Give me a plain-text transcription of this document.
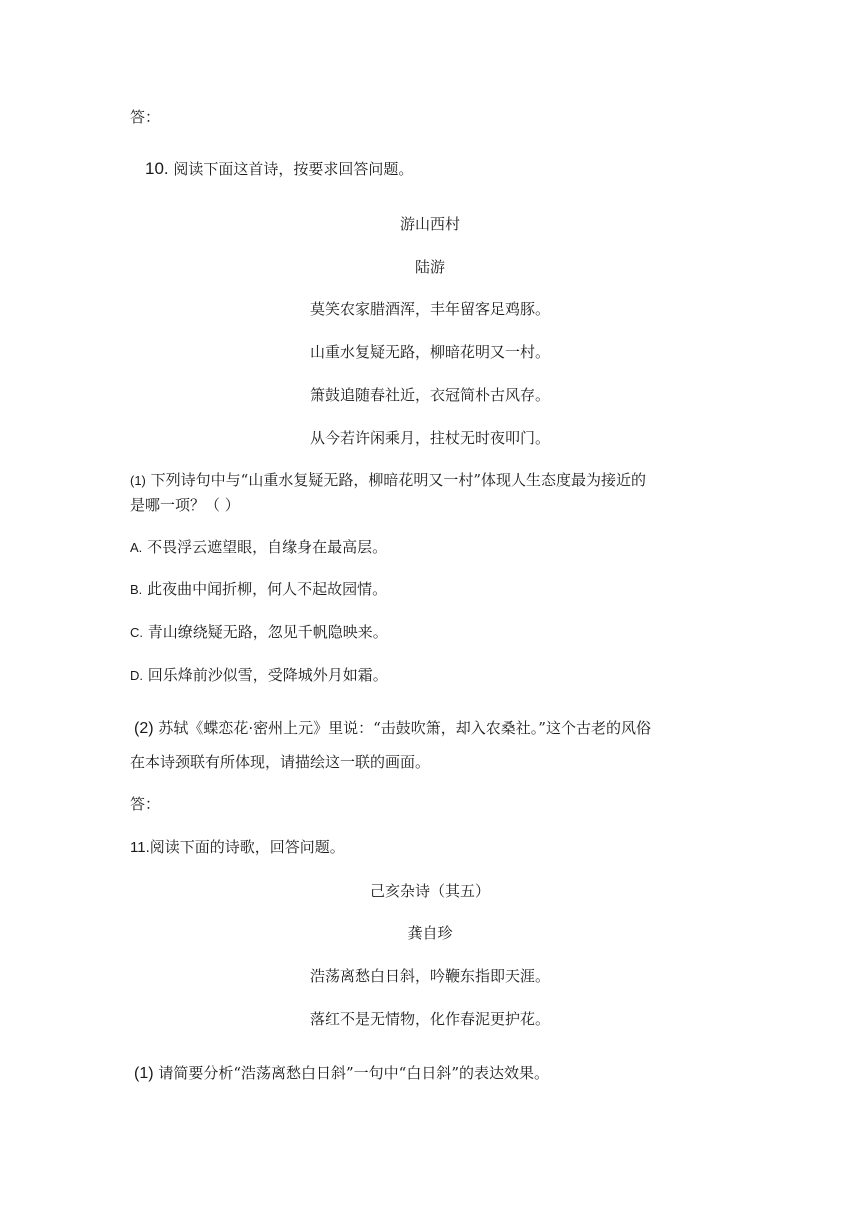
答：
10. 阅读下面这首诗，按要求回答问题。
游山西村
陆游
莫笑农家腊酒浑，丰年留客足鸡豚。
山重水复疑无路，柳暗花明又一村。
箫鼓追随春社近，衣冠简朴古风存。
从今若许闲乘月，拄杖无时夜叩门。
(1) 下列诗句中与“山重水复疑无路，柳暗花明又一村”体现人生态度最为接近的
是哪一项？（ ）
A. 不畏浮云遮望眼，自缘身在最高层。
B. 此夜曲中闻折柳，何人不起故园情。
C. 青山缭绕疑无路，忽见千帆隐映来。
D. 回乐烽前沙似雪，受降城外月如霜。
(2) 苏轼《蝶恋花·密州上元》里说：“击鼓吹箫，却入农桑社。”这个古老的风俗
在本诗颈联有所体现，请描绘这一联的画面。
答：
11.阅读下面的诗歌，回答问题。
己亥杂诗（其五）
龚自珍
浩荡离愁白日斜，吟鞭东指即天涯。
落红不是无情物，化作春泥更护花。
(1) 请简要分析“浩荡离愁白日斜”一句中“白日斜”的表达效果。
